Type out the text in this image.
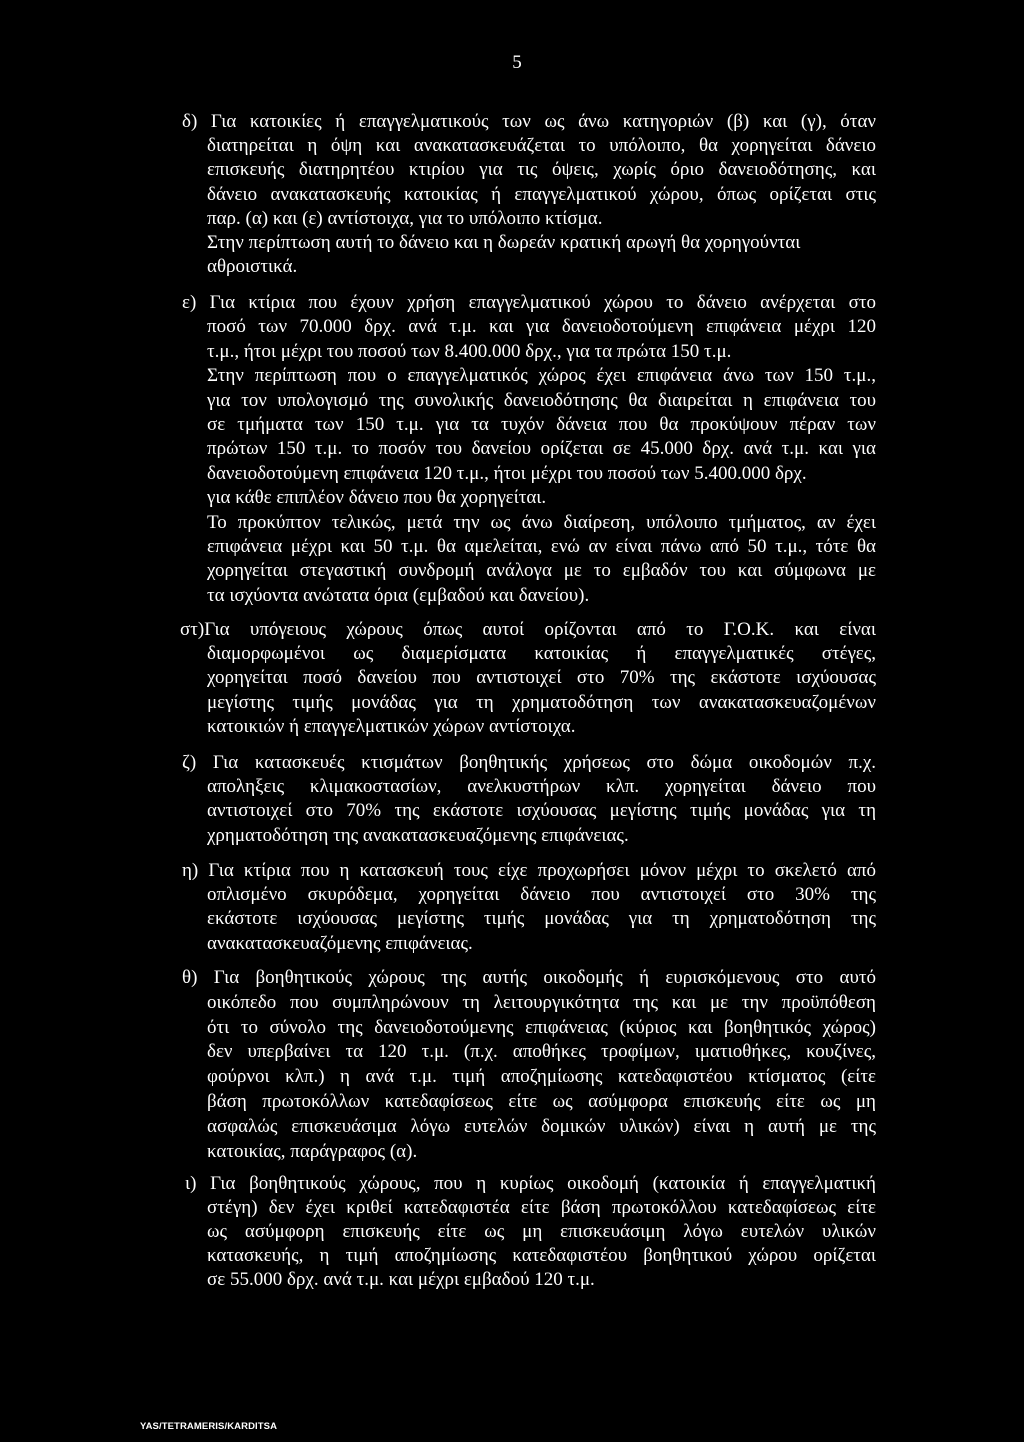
5
δ) Για κατοικίες ή επαγγελματικούς των ως άνω κατηγοριών (β) και (γ), όταν
διατηρείται η όψη και ανακατασκευάζεται το υπόλοιπο, θα χορηγείται δάνειο
επισκευής διατηρητέου κτιρίου για τις όψεις, χωρίς όριο δανειοδότησης, και
δάνειο ανακατασκευής κατοικίας ή επαγγελματικού χώρου, όπως ορίζεται στις
παρ. (α) και (ε) αντίστοιχα, για το υπόλοιπο κτίσμα.
Στην περίπτωση αυτή το δάνειο και η δωρεάν κρατική αρωγή θα χορηγούνται
αθροιστικά.
ε) Για κτίρια που έχουν χρήση επαγγελματικού χώρου το δάνειο ανέρχεται στο
ποσό των 70.000 δρχ. ανά τ.μ. και για δανειοδοτούμενη επιφάνεια μέχρι 120
τ.μ., ήτοι μέχρι του ποσού των 8.400.000 δρχ., για τα πρώτα 150 τ.μ.
Στην περίπτωση που ο επαγγελματικός χώρος έχει επιφάνεια άνω των 150 τ.μ.,
για τον υπολογισμό της συνολικής δανειοδότησης θα διαιρείται η επιφάνεια του
σε τμήματα των 150 τ.μ. για τα τυχόν δάνεια που θα προκύψουν πέραν των
πρώτων 150 τ.μ. το ποσόν του δανείου ορίζεται σε 45.000 δρχ. ανά τ.μ. και για
δανειοδοτούμενη επιφάνεια 120 τ.μ., ήτοι μέχρι του ποσού των 5.400.000 δρχ.
για κάθε επιπλέον δάνειο που θα χορηγείται.
Το προκύπτον τελικώς, μετά την ως άνω διαίρεση, υπόλοιπο τμήματος, αν έχει
επιφάνεια μέχρι και 50 τ.μ. θα αμελείται, ενώ αν είναι πάνω από 50 τ.μ., τότε θα
χορηγείται στεγαστική συνδρομή ανάλογα με το εμβαδόν του και σύμφωνα με
τα ισχύοντα ανώτατα όρια (εμβαδού και δανείου).
στ)Για υπόγειους χώρους όπως αυτοί ορίζονται από το Γ.Ο.Κ. και είναι
διαμορφωμένοι ως διαμερίσματα κατοικίας ή επαγγελματικές στέγες,
χορηγείται ποσό δανείου που αντιστοιχεί στο 70% της εκάστοτε ισχύουσας
μεγίστης τιμής μονάδας για τη χρηματοδότηση των ανακατασκευαζομένων
κατοικιών ή επαγγελματικών χώρων αντίστοιχα.
ζ) Για κατασκευές κτισμάτων βοηθητικής χρήσεως στο δώμα οικοδομών π.χ.
αποληξεις κλιμακοστασίων, ανελκυστήρων κλπ. χορηγείται δάνειο που
αντιστοιχεί στο 70% της εκάστοτε ισχύουσας μεγίστης τιμής μονάδας για τη
χρηματοδότηση της ανακατασκευαζόμενης επιφάνειας.
η) Για κτίρια που η κατασκευή τους είχε προχωρήσει μόνον μέχρι το σκελετό από
οπλισμένο σκυρόδεμα, χορηγείται δάνειο που αντιστοιχεί στο 30% της
εκάστοτε ισχύουσας μεγίστης τιμής μονάδας για τη χρηματοδότηση της
ανακατασκευαζόμενης επιφάνειας.
θ) Για βοηθητικούς χώρους της αυτής οικοδομής ή ευρισκόμενους στο αυτό
οικόπεδο που συμπληρώνουν τη λειτουργικότητα της και με την προϋπόθεση
ότι το σύνολο της δανειοδοτούμενης επιφάνειας (κύριος και βοηθητικός χώρος)
δεν υπερβαίνει τα 120 τ.μ. (π.χ. αποθήκες τροφίμων, ιματιοθήκες, κουζίνες,
φούρνοι κλπ.) η ανά τ.μ. τιμή αποζημίωσης κατεδαφιστέου κτίσματος (είτε
βάση πρωτοκόλλων κατεδαφίσεως είτε ως ασύμφορα επισκευής είτε ως μη
ασφαλώς επισκευάσιμα λόγω ευτελών δομικών υλικών) είναι η αυτή με της
κατοικίας, παράγραφος (α).
ι) Για βοηθητικούς χώρους, που η κυρίως οικοδομή (κατοικία ή επαγγελματική
στέγη) δεν έχει κριθεί κατεδαφιστέα είτε βάση πρωτοκόλλου κατεδαφίσεως είτε
ως ασύμφορη επισκευής είτε ως μη επισκευάσιμη λόγω ευτελών υλικών
κατασκευής, η τιμή αποζημίωσης κατεδαφιστέου βοηθητικού χώρου ορίζεται
σε 55.000 δρχ. ανά τ.μ. και μέχρι εμβαδού 120 τ.μ.
YAS/TETRAMERIS/KARDITSA
